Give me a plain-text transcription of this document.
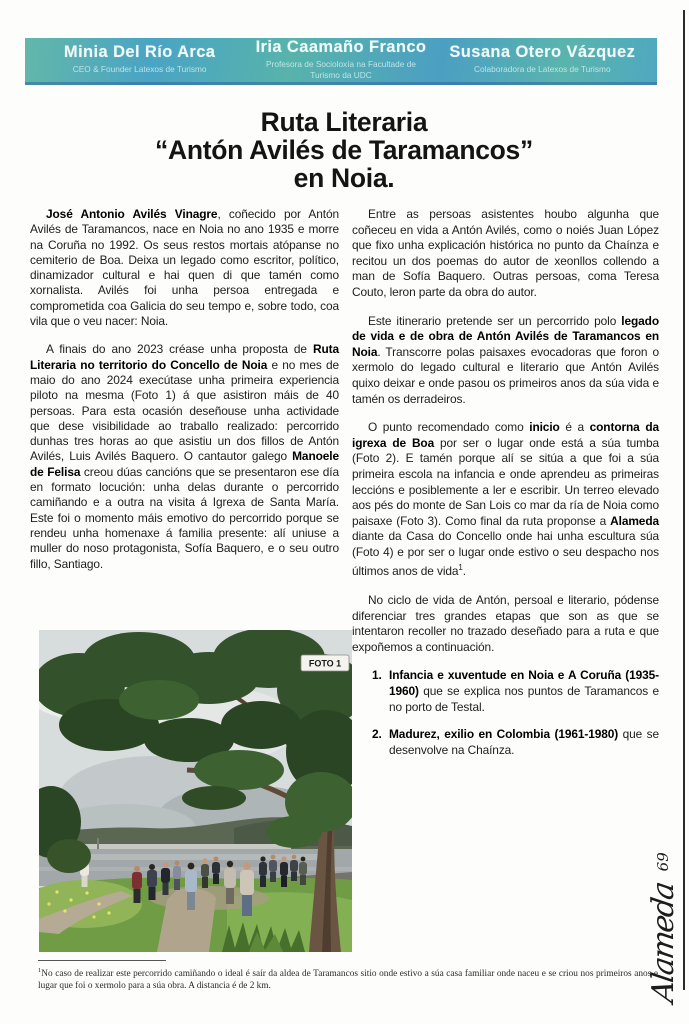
Minia Del Río Arca
CEO & Founder Latexos de Turismo
Iria Caamaño Franco
Profesora de Socioloxía na Facultade de Turismo da UDC
Susana Otero Vázquez
Colaboradora de Latexos de Turismo
Ruta Literaria
“Antón Avilés de Taramancos”
en Noia.

José Antonio Avilés Vinagre, coñecido por Antón Avilés de Taramancos, nace en Noia no ano 1935 e morre na Coruña no 1992. Os seus restos mortais atópanse no cemiterio de Boa. Deixa un legado como escritor, político, dinamizador cultural e hai quen di que tamén como xornalista. Avilés foi unha persoa entregada e comprometida coa Galicia do seu tempo e, sobre todo, coa vila que o veu nacer: Noia.

A finais do ano 2023 créase unha proposta de Ruta Literaria no territorio do Concello de Noia e no mes de maio do ano 2024 execútase unha primeira experiencia piloto na mesma (Foto 1) á que asistiron máis de 40 persoas. Para esta ocasión deseñouse unha actividade que dese visibilidade ao traballo realizado: percorrido dunhas tres horas ao que asistiu un dos fillos de Antón Avilés, Luis Avilés Baquero. O cantautor galego Manoele de Felisa creou dúas cancións que se presentaron ese día en formato locución: unha delas durante o percorrido camiñando e a outra na visita á Igrexa de Santa María. Este foi o momento máis emotivo do percorrido porque se rendeu unha homenaxe á familia presente: alí uniuse a muller do noso protagonista, Sofía Baquero, e o seu outro fillo, Santiago.

Entre as persoas asistentes houbo algunha que coñeceu en vida a Antón Avilés, como o noiés Juan López que fixo unha explicación histórica no punto da Chaínza e recitou un dos poemas do autor de xeonllos collendo a man de Sofía Baquero. Outras persoas, coma Teresa Couto, leron parte da obra do autor.

Este itinerario pretende ser un percorrido polo legado de vida e de obra de Antón Avilés de Taramancos en Noia. Transcorre polas paisaxes evocadoras que foron o xermolo do legado cultural e literario que Antón Avilés quixo deixar e onde pasou os primeiros anos da súa vida e tamén os derradeiros.

O punto recomendado como inicio é a contorna da igrexa de Boa por ser o lugar onde está a súa tumba (Foto 2). E tamén porque alí se sitúa a que foi a súa primeira escola na infancia e onde aprendeu as primeiras leccións e posiblemente a ler e escribir. Un terreo elevado aos pés do monte de San Lois co mar da ría de Noia como paisaxe (Foto 3). Como final da ruta proponse a Alameda diante da Casa do Concello onde hai unha escultura súa (Foto 4) e por ser o lugar onde estivo o seu despacho nos últimos anos de vida$^1$.

No ciclo de vida de Antón, persoal e literario, pódense diferenciar tres grandes etapas que son as que se intentaron recoller no trazado deseñado para a ruta e que expoñemos a continuación.

1. Infancia e xuventude en Noia e A Coruña (1935-1960) que se explica nos puntos de Taramancos e no porto de Testal.
2. Madurez, exilio en Colombia (1961-1980) que se desenvolve na Chaínza.
FOTO 1
$^1$No caso de realizar este percorrido camiñando o ideal é saír da aldea de Taramancos sitio onde estivo a súa casa familiar onde naceu e se criou nos primeiros anos e lugar que foi o xermolo para a súa obra. A distancia é de 2 km.	Alameda
69
